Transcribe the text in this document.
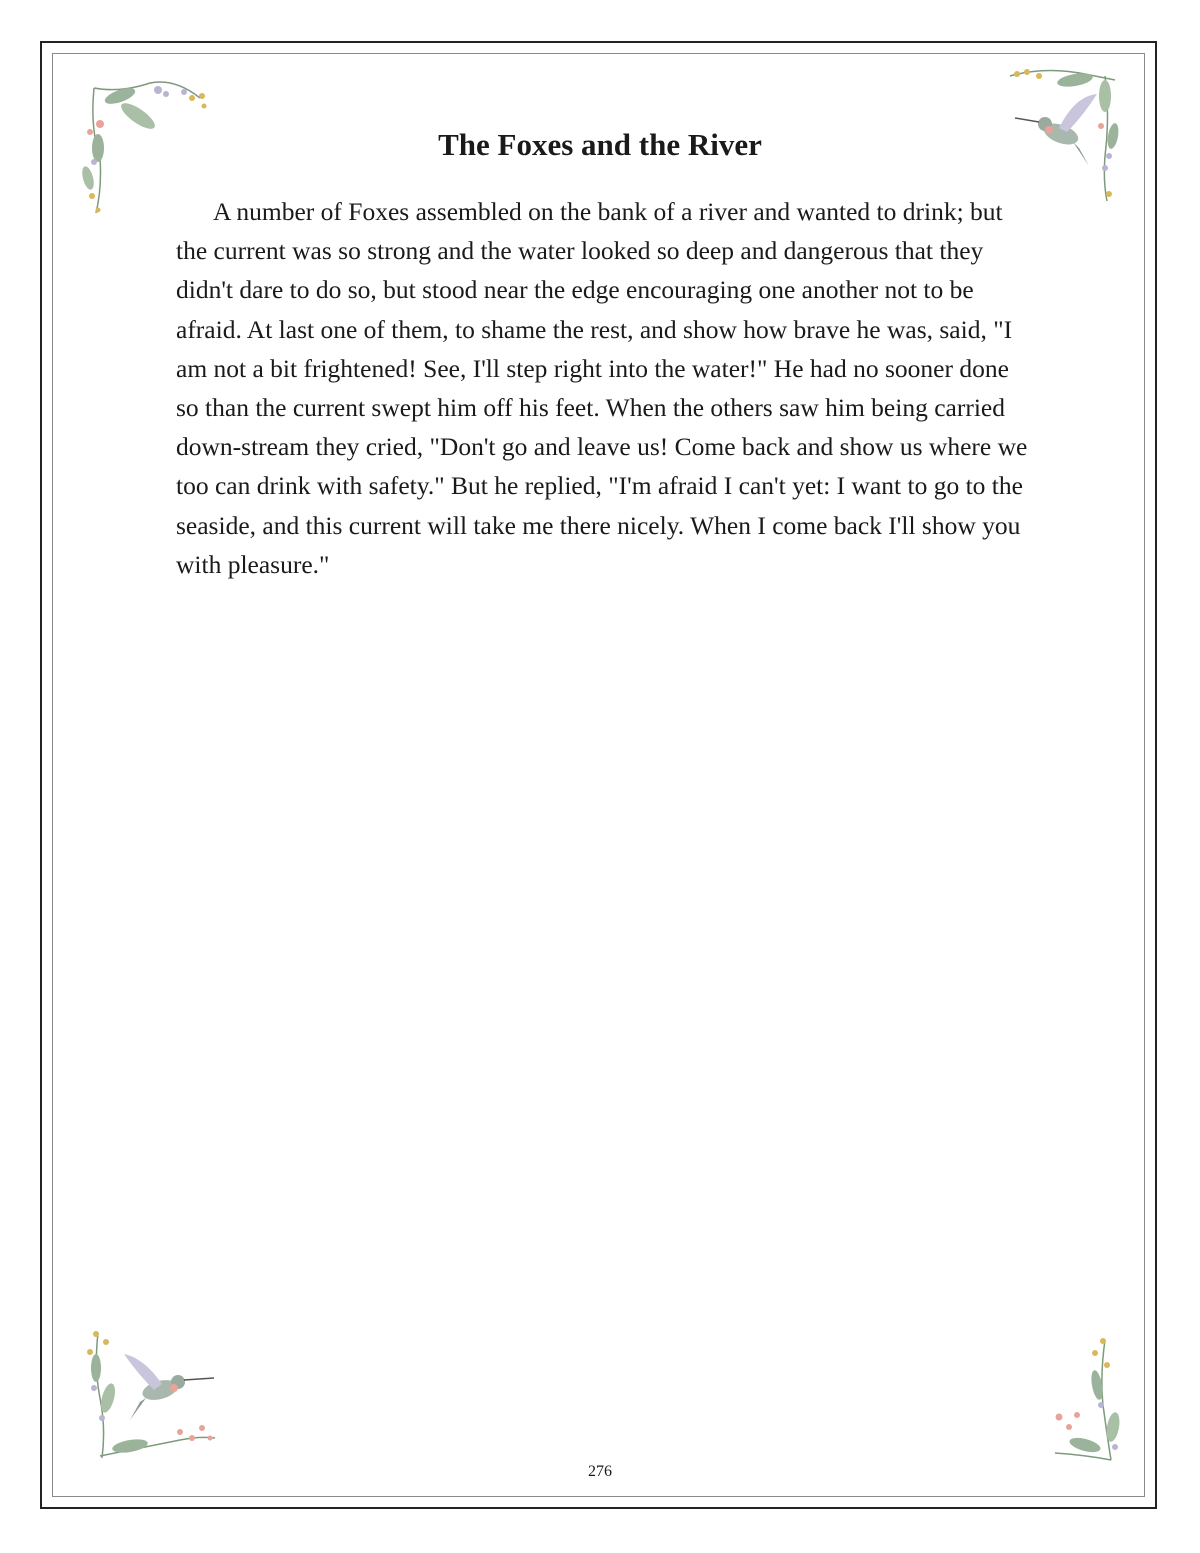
The Foxes and the River

A number of Foxes assembled on the bank of a river and wanted to drink; but the current was so strong and the water looked so deep and dangerous that they didn't dare to do so, but stood near the edge encouraging one another not to be afraid. At last one of them, to shame the rest, and show how brave he was, said, "I am not a bit frightened! See, I'll step right into the water!" He had no sooner done so than the current swept him off his feet. When the others saw him being carried down-stream they cried, "Don't go and leave us! Come back and show us where we too can drink with safety." But he replied, "I'm afraid I can't yet: I want to go to the seaside, and this current will take me there nicely. When I come back I'll show you with pleasure."

276
